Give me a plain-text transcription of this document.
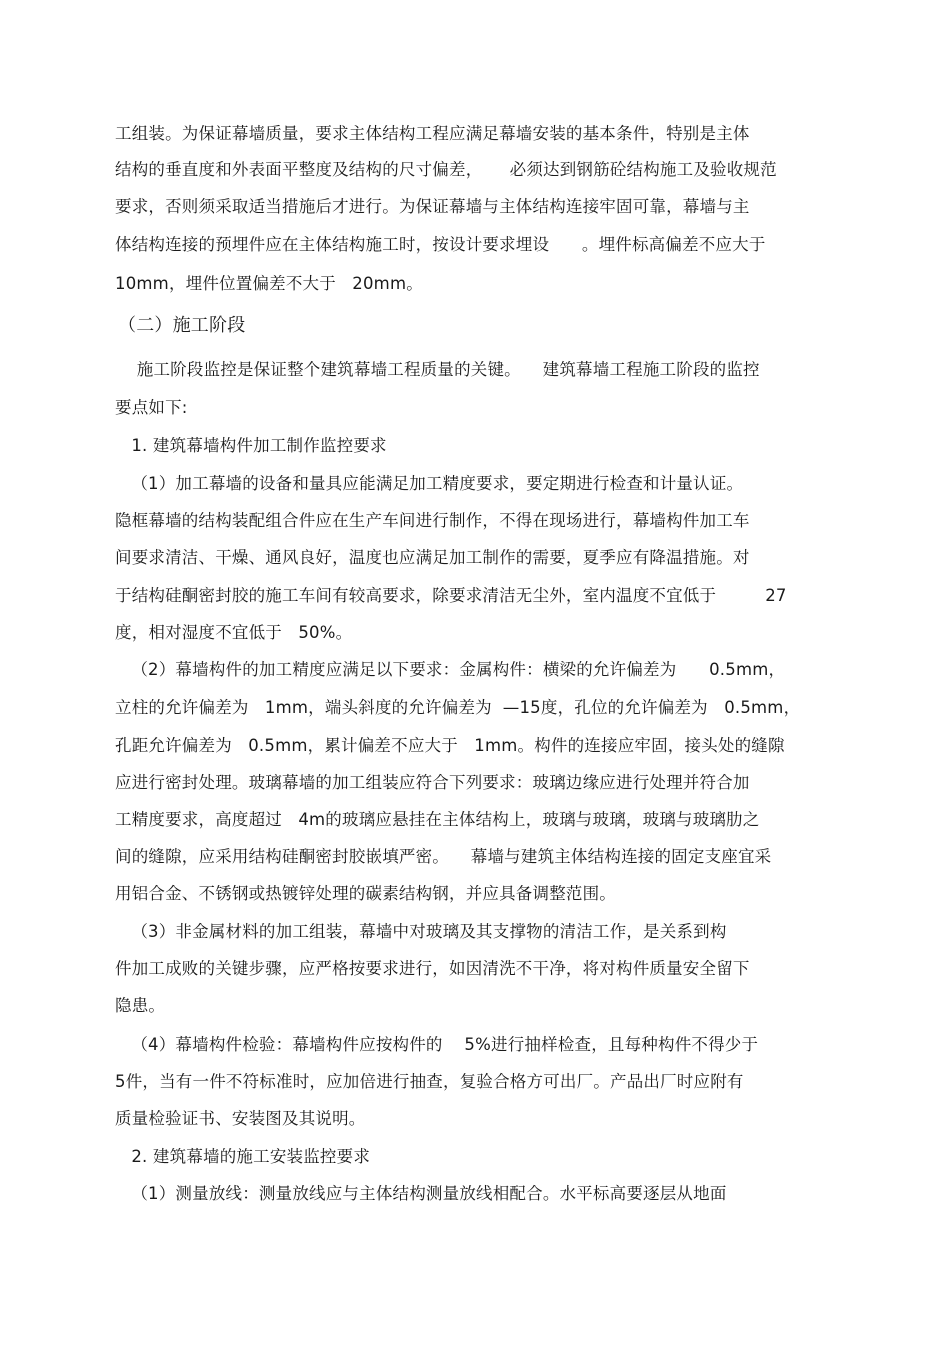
工组装。为保证幕墙质量，要求主体结构工程应满足幕墙安装的基本条件，特别是主体
结构的垂直度和外表面平整度及结构的尺寸偏差，     必须达到钢筋砼结构施工及验收规范
要求，否则须采取适当措施后才进行。为保证幕墙与主体结构连接牢固可靠，幕墙与主
体结构连接的预埋件应在主体结构施工时，按设计要求埋设      。埋件标高偏差不应大于
10mm，埋件位置偏差不大于   20mm。
（二）施工阶段
施工阶段监控是保证整个建筑幕墙工程质量的关键。    建筑幕墙工程施工阶段的监控
要点如下:
1. 建筑幕墙构件加工制作监控要求
（1）加工幕墙的设备和量具应能满足加工精度要求，要定期进行检查和计量认证。
隐框幕墙的结构装配组合件应在生产车间进行制作，不得在现场进行，幕墙构件加工车
间要求清洁、干燥、通风良好，温度也应满足加工制作的需要，夏季应有降温措施。对
于结构硅酮密封胶的施工车间有较高要求，除要求清洁无尘外，室内温度不宜低于         27
度，相对湿度不宜低于   50%。
（2）幕墙构件的加工精度应满足以下要求：金属构件：横梁的允许偏差为      0.5mm，
立柱的允许偏差为   1mm，端头斜度的允许偏差为  —15度，孔位的允许偏差为   0.5mm，
孔距允许偏差为   0.5mm，累计偏差不应大于   1mm。构件的连接应牢固，接头处的缝隙
应进行密封处理。玻璃幕墙的加工组装应符合下列要求：玻璃边缘应进行处理并符合加
工精度要求，高度超过   4m的玻璃应悬挂在主体结构上，玻璃与玻璃，玻璃与玻璃肋之
间的缝隙，应采用结构硅酮密封胶嵌填严密。    幕墙与建筑主体结构连接的固定支座宜采
用铝合金、不锈钢或热镀锌处理的碳素结构钢，并应具备调整范围。
（3）非金属材料的加工组装，幕墙中对玻璃及其支撑物的清洁工作，是关系到构
件加工成败的关键步骤，应严格按要求进行，如因清洗不干净，将对构件质量安全留下
隐患。
（4）幕墙构件检验：幕墙构件应按构件的    5%进行抽样检查，且每种构件不得少于
5件，当有一件不符标准时，应加倍进行抽查，复验合格方可出厂。产品出厂时应附有
质量检验证书、安装图及其说明。
2. 建筑幕墙的施工安装监控要求
（1）测量放线：测量放线应与主体结构测量放线相配合。水平标高要逐层从地面
